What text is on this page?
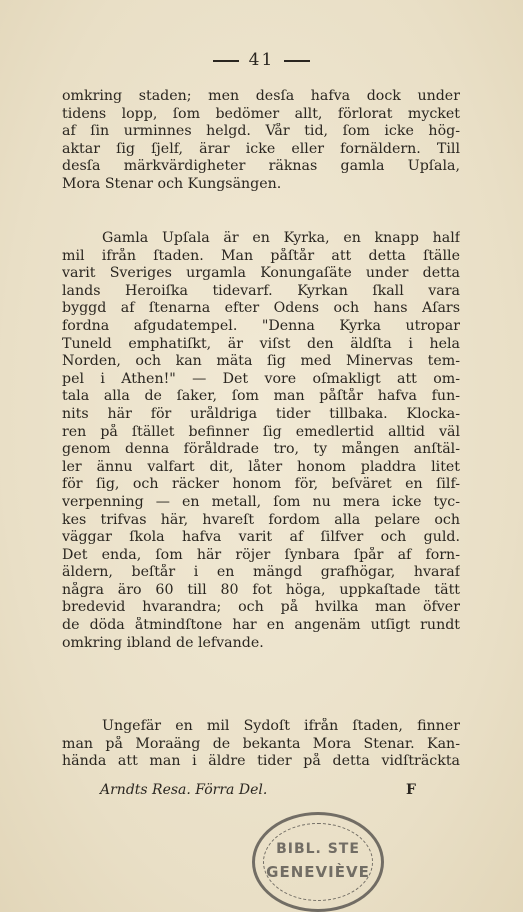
41
omkring staden; men desſa hafva dock under
tidens lopp, ſom bedömer allt, förlorat mycket
af ſin urminnes helgd. Vår tid, ſom icke hög-
aktar ſig ſjelf, ärar icke eller fornäldern. Till
desſa märkvärdigheter räknas gamla Upſala,
Mora Stenar och Kungsängen.
Gamla Upſala är en Kyrka, en knapp half
mil ifrån ſtaden. Man påſtår att detta ſtälle
varit Sveriges urgamla Konungaſäte under detta
lands Heroiſka tidevarf. Kyrkan ſkall vara
byggd af ſtenarna efter Odens och hans Aſars
fordna afgudatempel. "Denna Kyrka utropar
Tuneld emphatiſkt, är viſst den äldſta i hela
Norden, och kan mäta ſig med Minervas tem-
pel i Athen!" — Det vore oſmakligt att om-
tala alla de ſaker, ſom man påſtår hafva fun-
nits här för uråldriga tider tillbaka. Klocka-
ren på ſtället befinner ſig emedlertid alltid väl
genom denna föråldrade tro, ty mången anſtäl-
ler ännu valfart dit, låter honom pladdra litet
för ſig, och räcker honom för, beſväret en ſilf-
verpenning — en metall, ſom nu mera icke tyc-
kes trifvas här, hvareſt fordom alla pelare och
väggar ſkola hafva varit af ſilfver och guld.
Det enda, ſom här röjer ſynbara ſpår af forn-
äldern, beſtår i en mängd grafhögar, hvaraf
några äro 60 till 80 fot höga, uppkaſtade tätt
bredevid hvarandra; och på hvilka man öfver
de döda åtmindſtone har en angenäm utſigt rundt
omkring ibland de lefvande.
Ungefär en mil Sydoſt ifrån ſtaden, finner
man på Moraäng de bekanta Mora Stenar. Kan-
hända att man i äldre tider på detta vidſträckta
Arndts Resa. Förra Del.	F
BIBL. STE
GENEVIÈVE
